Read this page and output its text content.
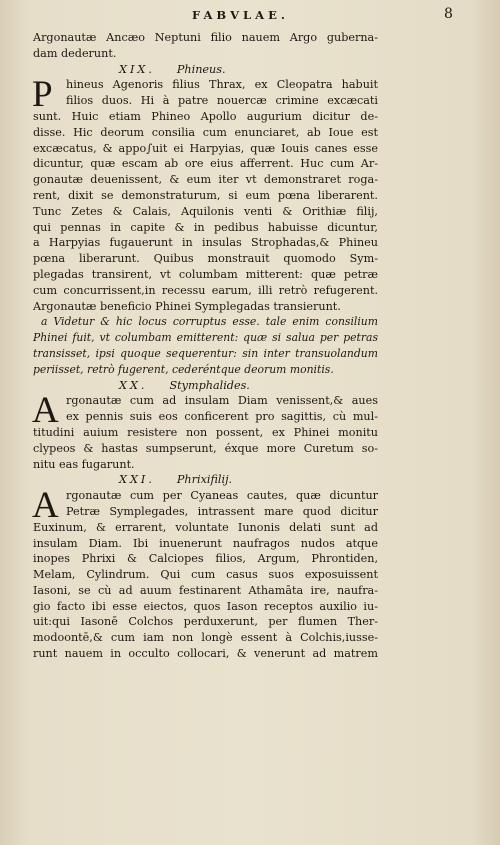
FABVLAE.	8
Argonautæ Ancæo Neptuni filio nauem Argo guberna-
dam dederunt.
XIX. Phineus.
P	hineus Agenoris filius Thrax, ex Cleopatra habuit
filios duos. Hi à patre nouercæ crimine excæcati
sunt. Huic etiam Phineo Apollo augurium dicitur de-
disse. Hic deorum consilia cum enunciaret, ab Ioue est
excæcatus, & appo∫uit ei Harpyias, quæ Iouis canes esse
dicuntur, quæ escam ab ore eius afferrent. Huc cum Ar-
gonautæ deuenissent, & eum iter vt demonstraret roga-
rent, dixit se demonstraturum, si eum pœna liberarent.
Tunc Zetes & Calais, Aquilonis venti & Orithiæ filij,
qui pennas in capite & in pedibus habuisse dicuntur,
a Harpyias fugauerunt in insulas Strophadas,& Phineu
pœna liberarunt. Quibus monstrauit quomodo Sym-
plegadas transirent, vt columbam mitterent: quæ petræ
cum concurrissent,in recessu earum, illi retrò refugerent.
Argonautæ beneficio Phinei Symplegadas transierunt.
a Videtur & hic locus corruptus esse. tale enim consilium
Phinei fuit, vt columbam emitterent: quæ si salua per petras
transisset, ipsi quoque sequerentur: sin inter transuolandum
periisset, retrò fugerent, cederéntque deorum monitis.
XX. Stymphalides.
A rgonautæ cum ad insulam Diam venissent,& aues
ex pennis suis eos conficerent pro sagittis, cù mul-
titudini auium resistere non possent, ex Phinei monitu
clypeos & hastas sumpserunt, éxque more Curetum so-
nitu eas fugarunt.
XXI. Phrixifilij.
A rgonautæ cum per Cyaneas cautes, quæ dicuntur
Petræ Symplegades, intrassent mare quod dicitur
Euxinum, & errarent, voluntate Iunonis delati sunt ad
insulam Diam. Ibi inuenerunt naufragos nudos atque
inopes Phrixi & Calciopes filios, Argum, Phrontiden,
Melam, Cylindrum. Qui cum casus suos exposuissent
Iasoni, se cù ad auum festinarent Athamāta ire, naufra-
gio facto ibi esse eiectos, quos Iason receptos auxilio iu-
uit:qui Iasonē Colchos perduxerunt, per flumen Ther-
modoontē,& cum iam non longè essent à Colchis,iusse-
runt nauem in occulto collocari, & venerunt ad matrem
